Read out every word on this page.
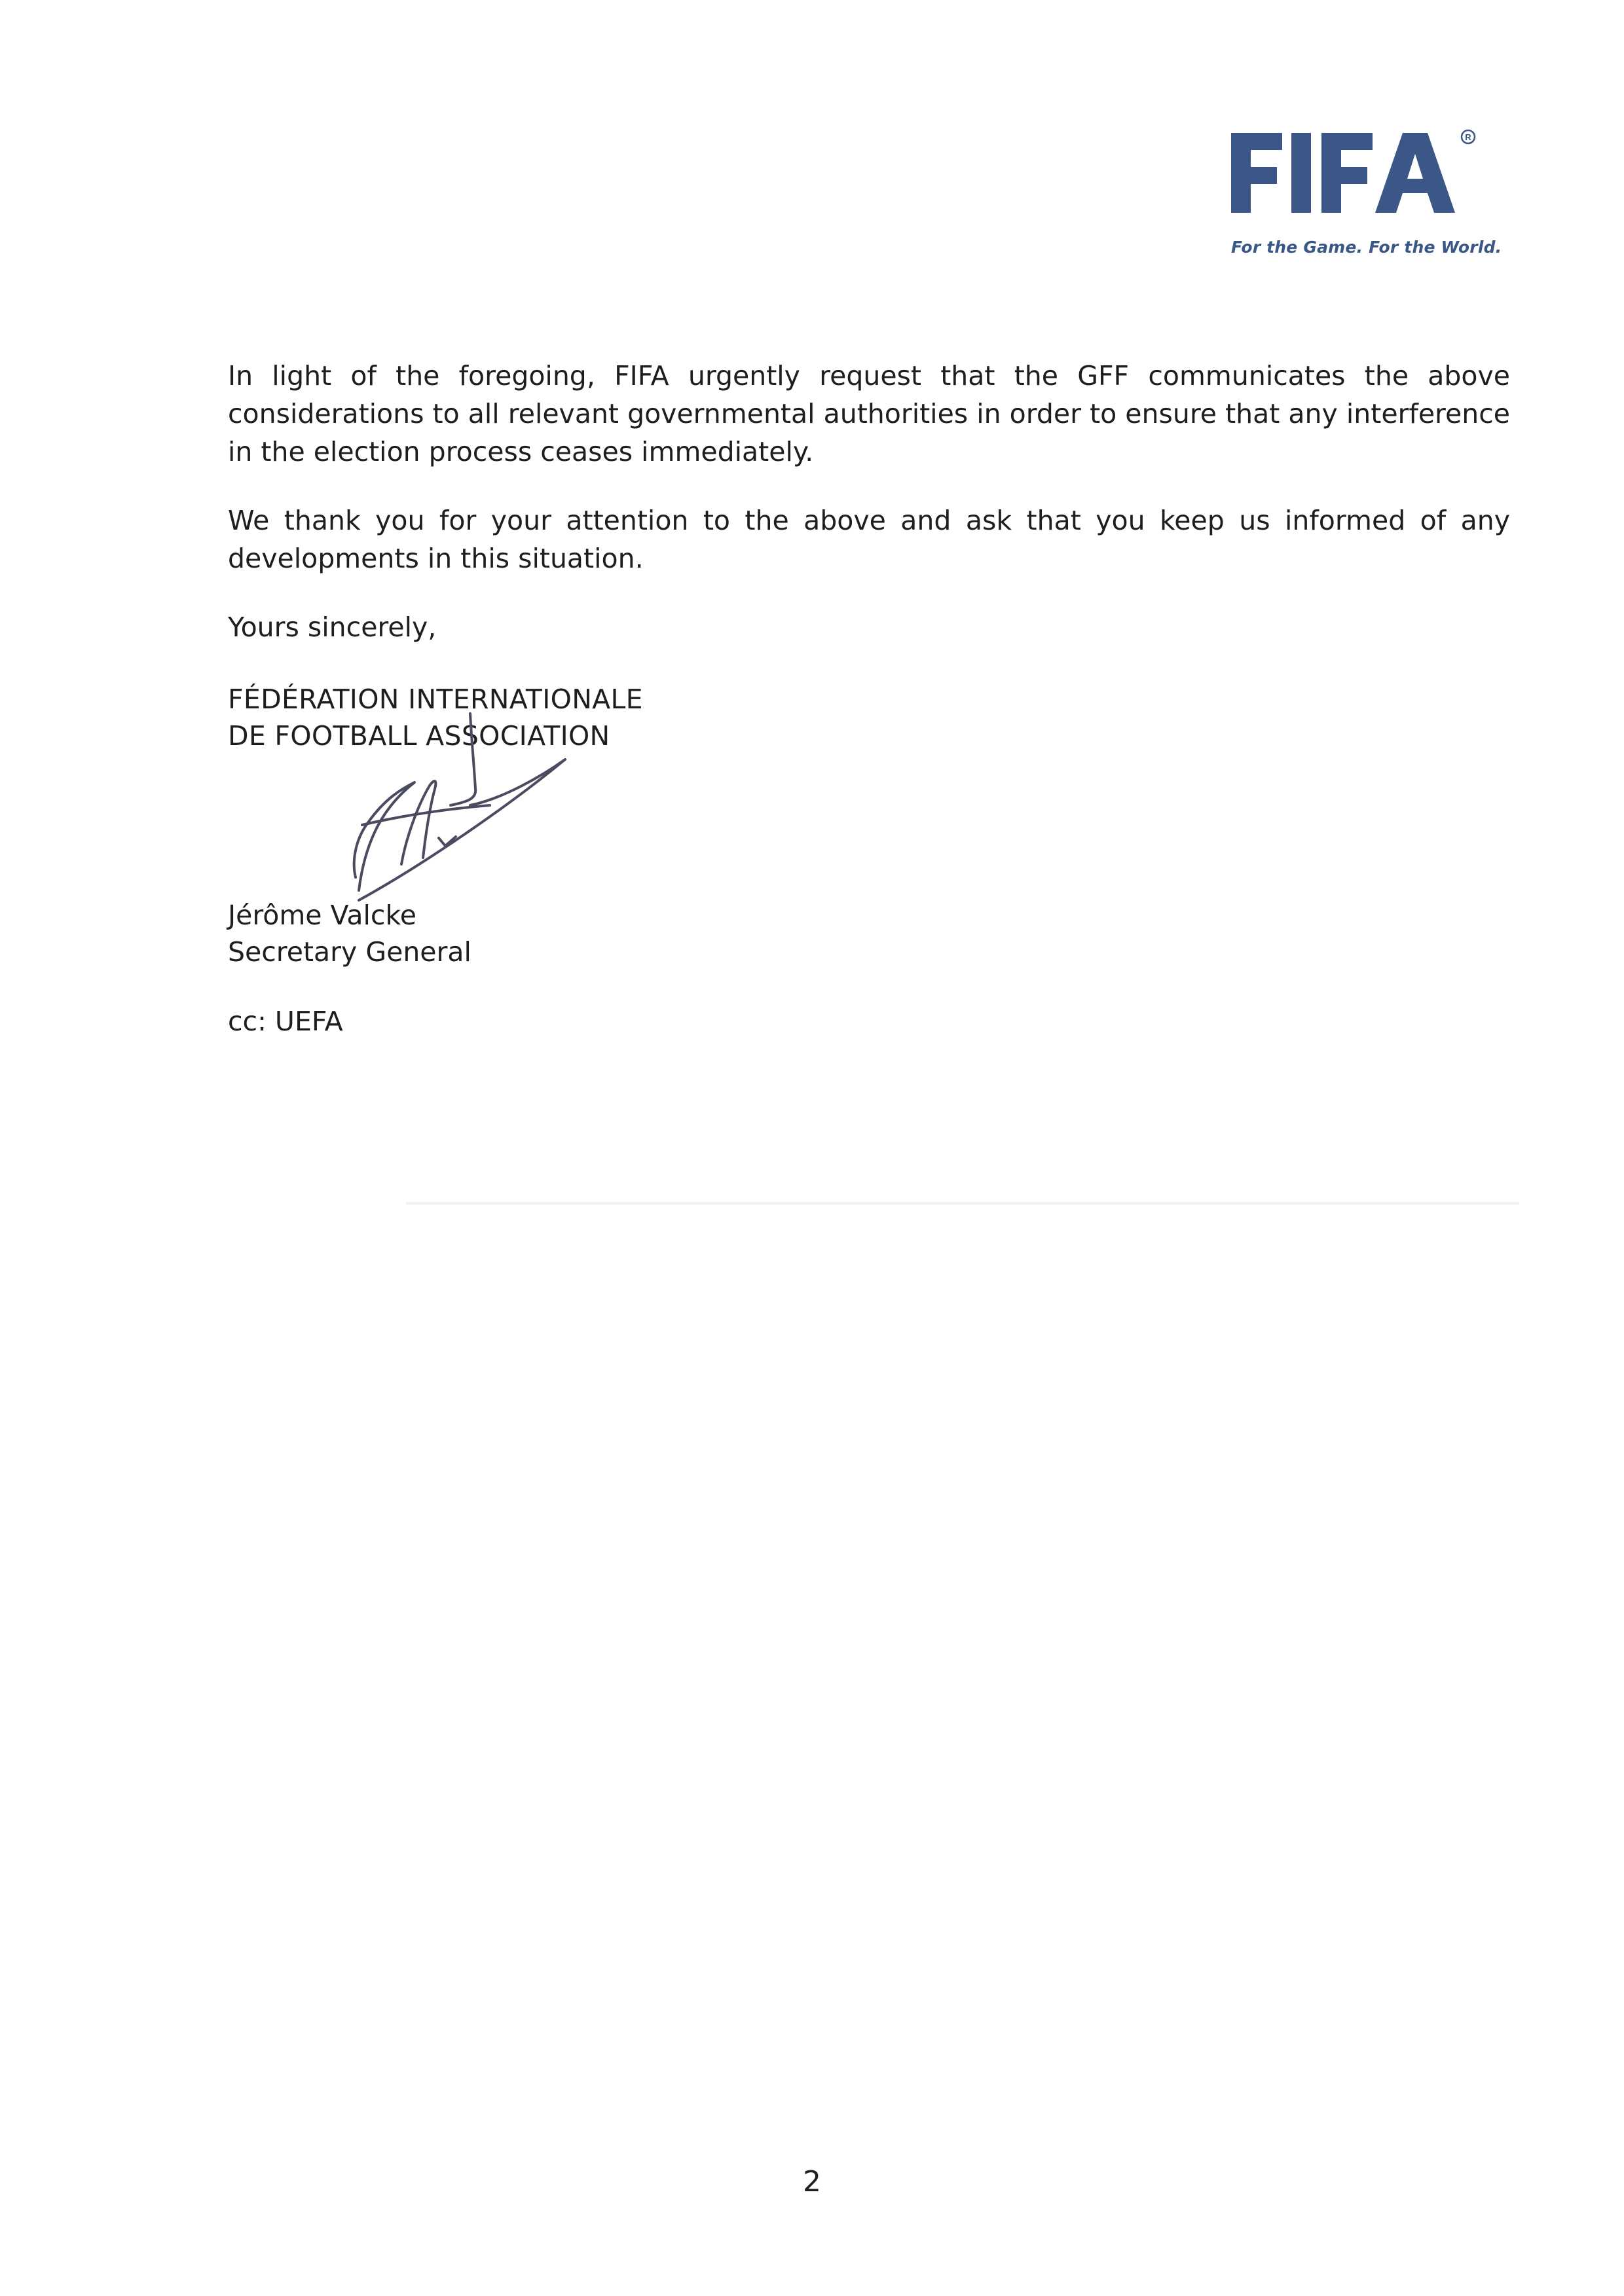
R
For the Game. For the World.

In light of the foregoing, FIFA urgently request that the GFF communicates the above considerations to all relevant governmental authorities in order to ensure that any interference in the election process ceases immediately.

We thank you for your attention to the above and ask that you keep us informed of any developments in this situation.

Yours sincerely,

FÉDÉRATION INTERNATIONALE
DE FOOTBALL ASSOCIATION
Jérôme Valcke
Secretary General
cc: UEFA
2
